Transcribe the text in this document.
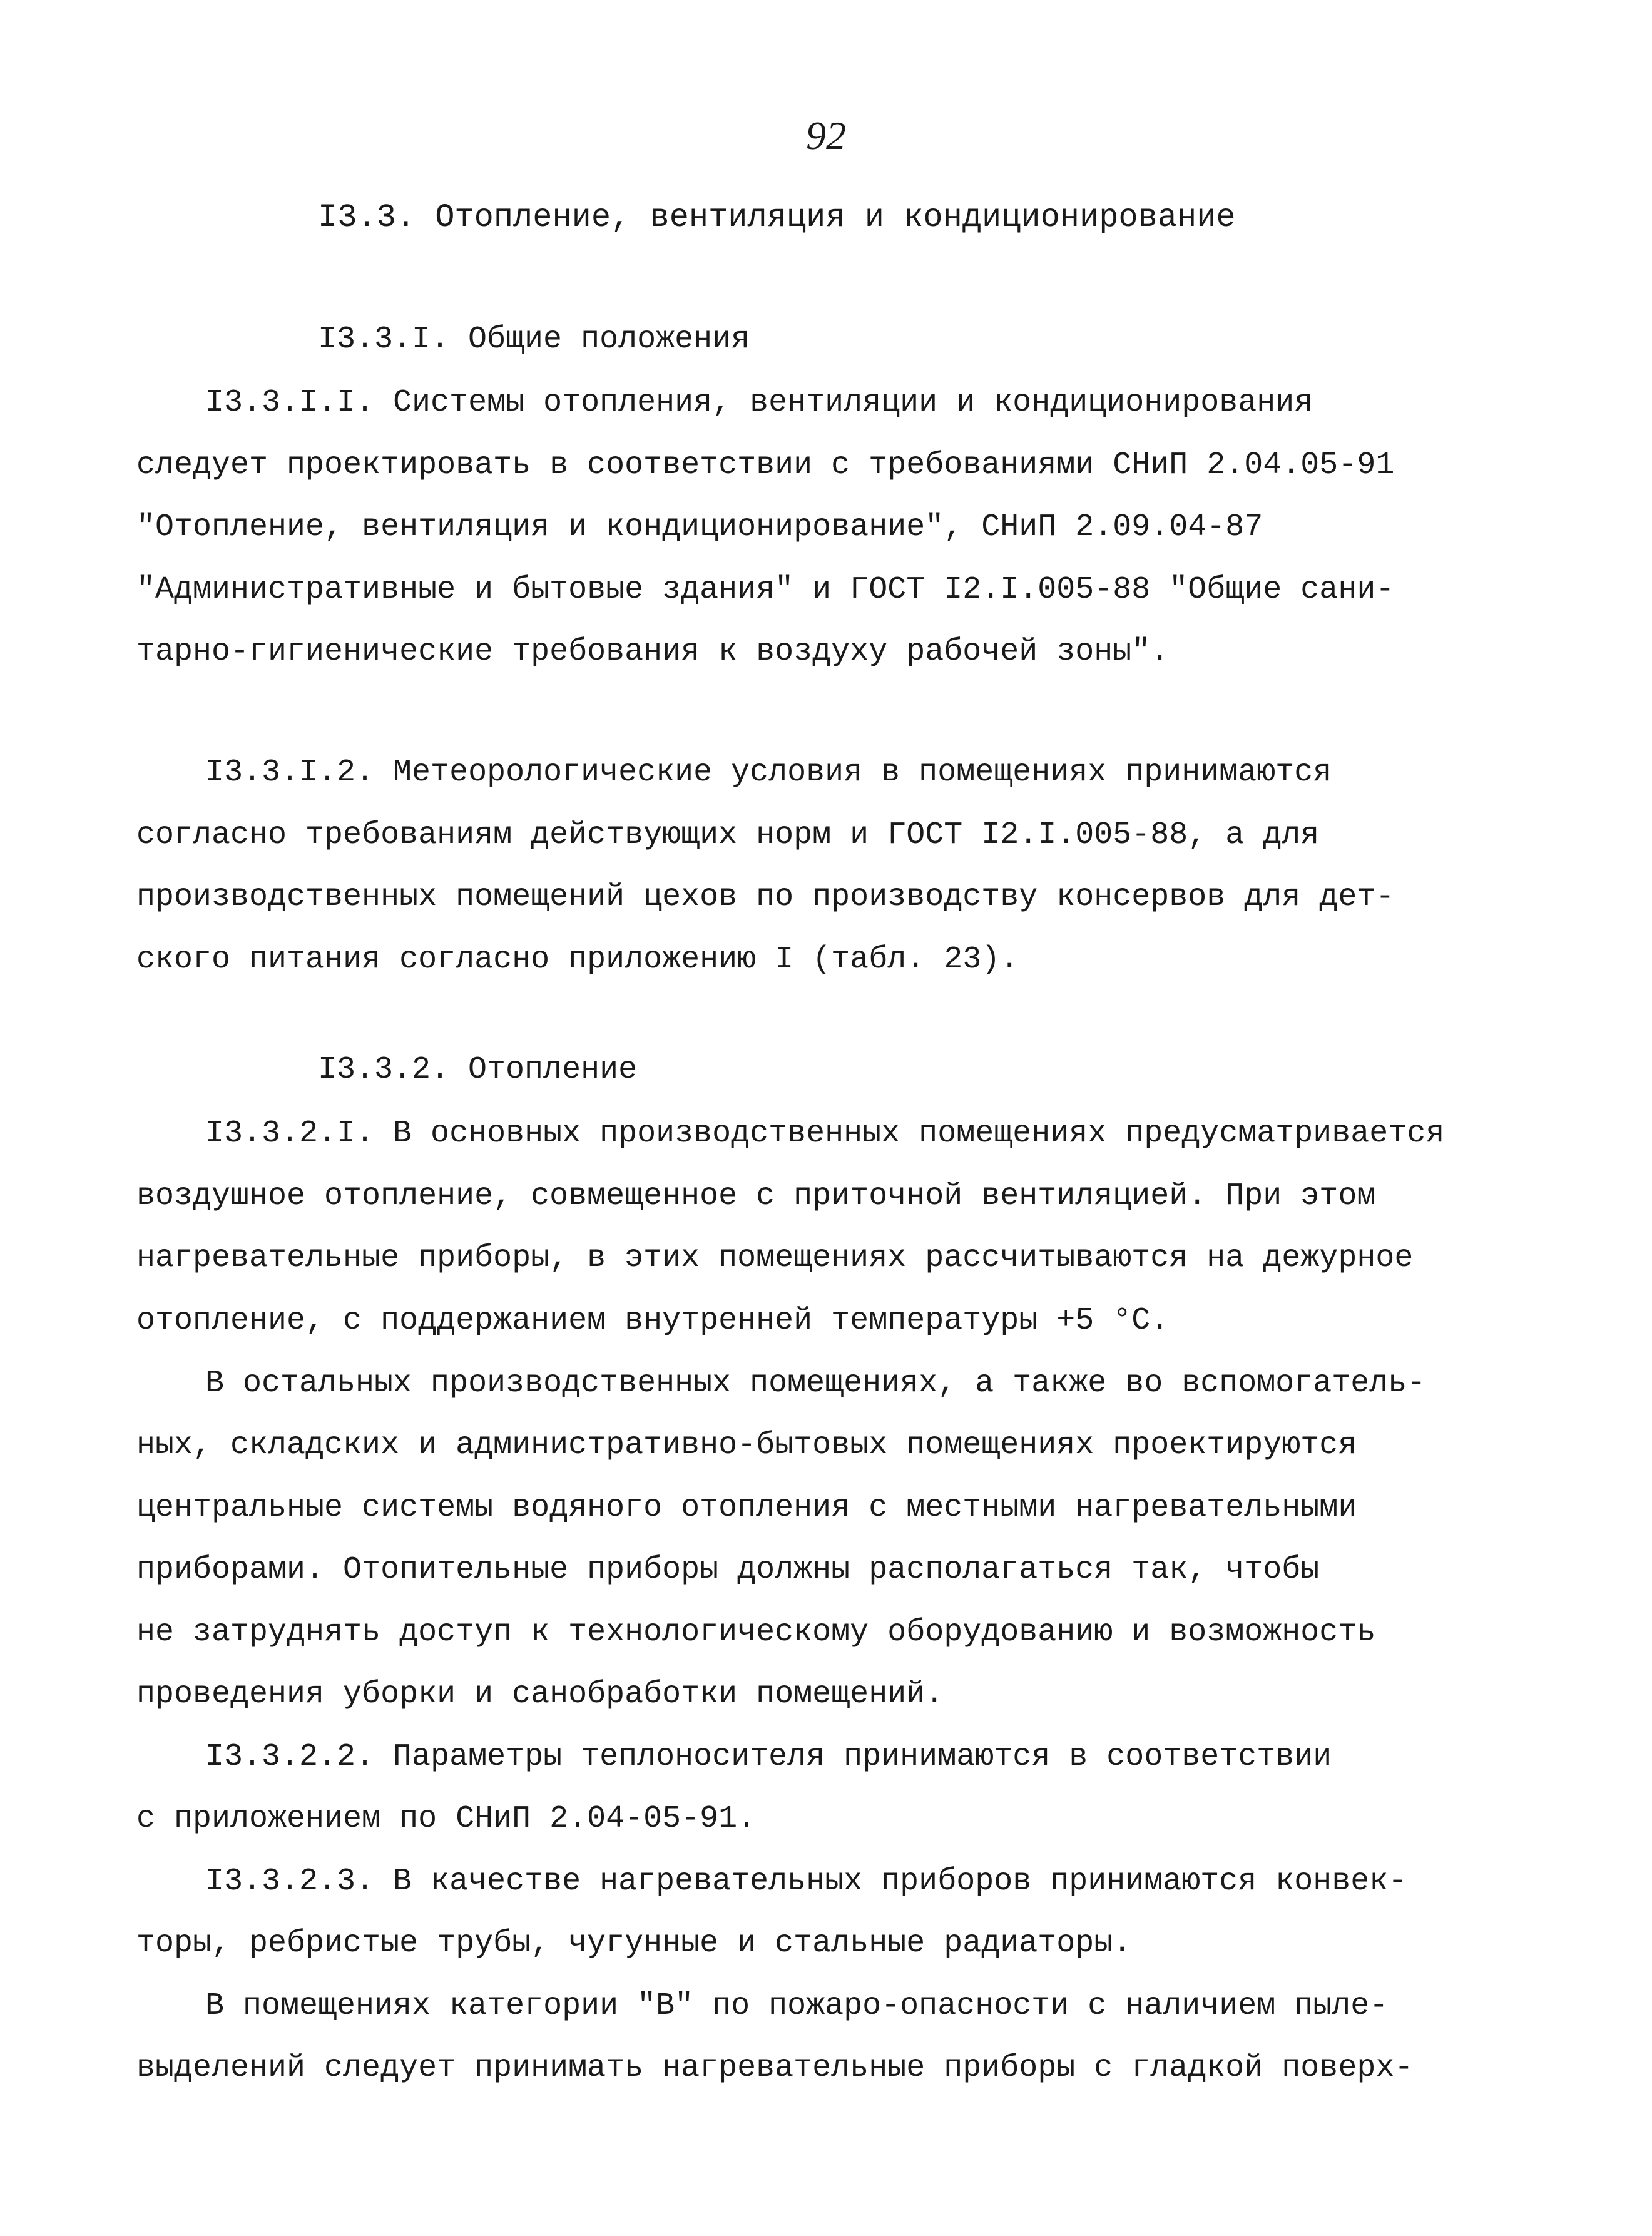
92
I3.3. Отопление, вентиляция и кондиционирование
I3.3.I. Общие положения
I3.3.I.I. Системы отопления, вентиляции и кондиционирования
следует проектировать в соответствии с требованиями СНиП 2.04.05-91
"Отопление, вентиляция и кондиционирование", СНиП 2.09.04-87
"Административные и бытовые здания" и ГОСТ I2.I.005-88 "Общие сани-
тарно-гигиенические требования к воздуху рабочей зоны".
I3.3.I.2. Метеорологические условия в помещениях принимаются
согласно требованиям действующих норм и ГОСТ I2.I.005-88, а для
производственных помещений цехов по производству консервов для дет-
ского питания согласно приложению I (табл. 23).
I3.3.2. Отопление
I3.3.2.I. В основных производственных помещениях предусматривается
воздушное отопление, совмещенное с приточной вентиляцией. При этом
нагревательные приборы, в этих помещениях рассчитываются на дежурное
отопление, с поддержанием внутренней температуры +5 °С.
В остальных производственных помещениях, а также во вспомогатель-
ных, складских и административно-бытовых помещениях проектируются
центральные системы водяного отопления с местными нагревательными
приборами. Отопительные приборы должны располагаться так, чтобы
не затруднять доступ к технологическому оборудованию и возможность
проведения уборки и санобработки помещений.
I3.3.2.2. Параметры теплоносителя принимаются в соответствии
с приложением по СНиП 2.04-05-91.
I3.3.2.3. В качестве нагревательных приборов принимаются конвек-
торы, ребристые трубы, чугунные и стальные радиаторы.
В помещениях категории "В" по пожаро-опасности с наличием пыле-
выделений следует принимать нагревательные приборы с гладкой поверх-
